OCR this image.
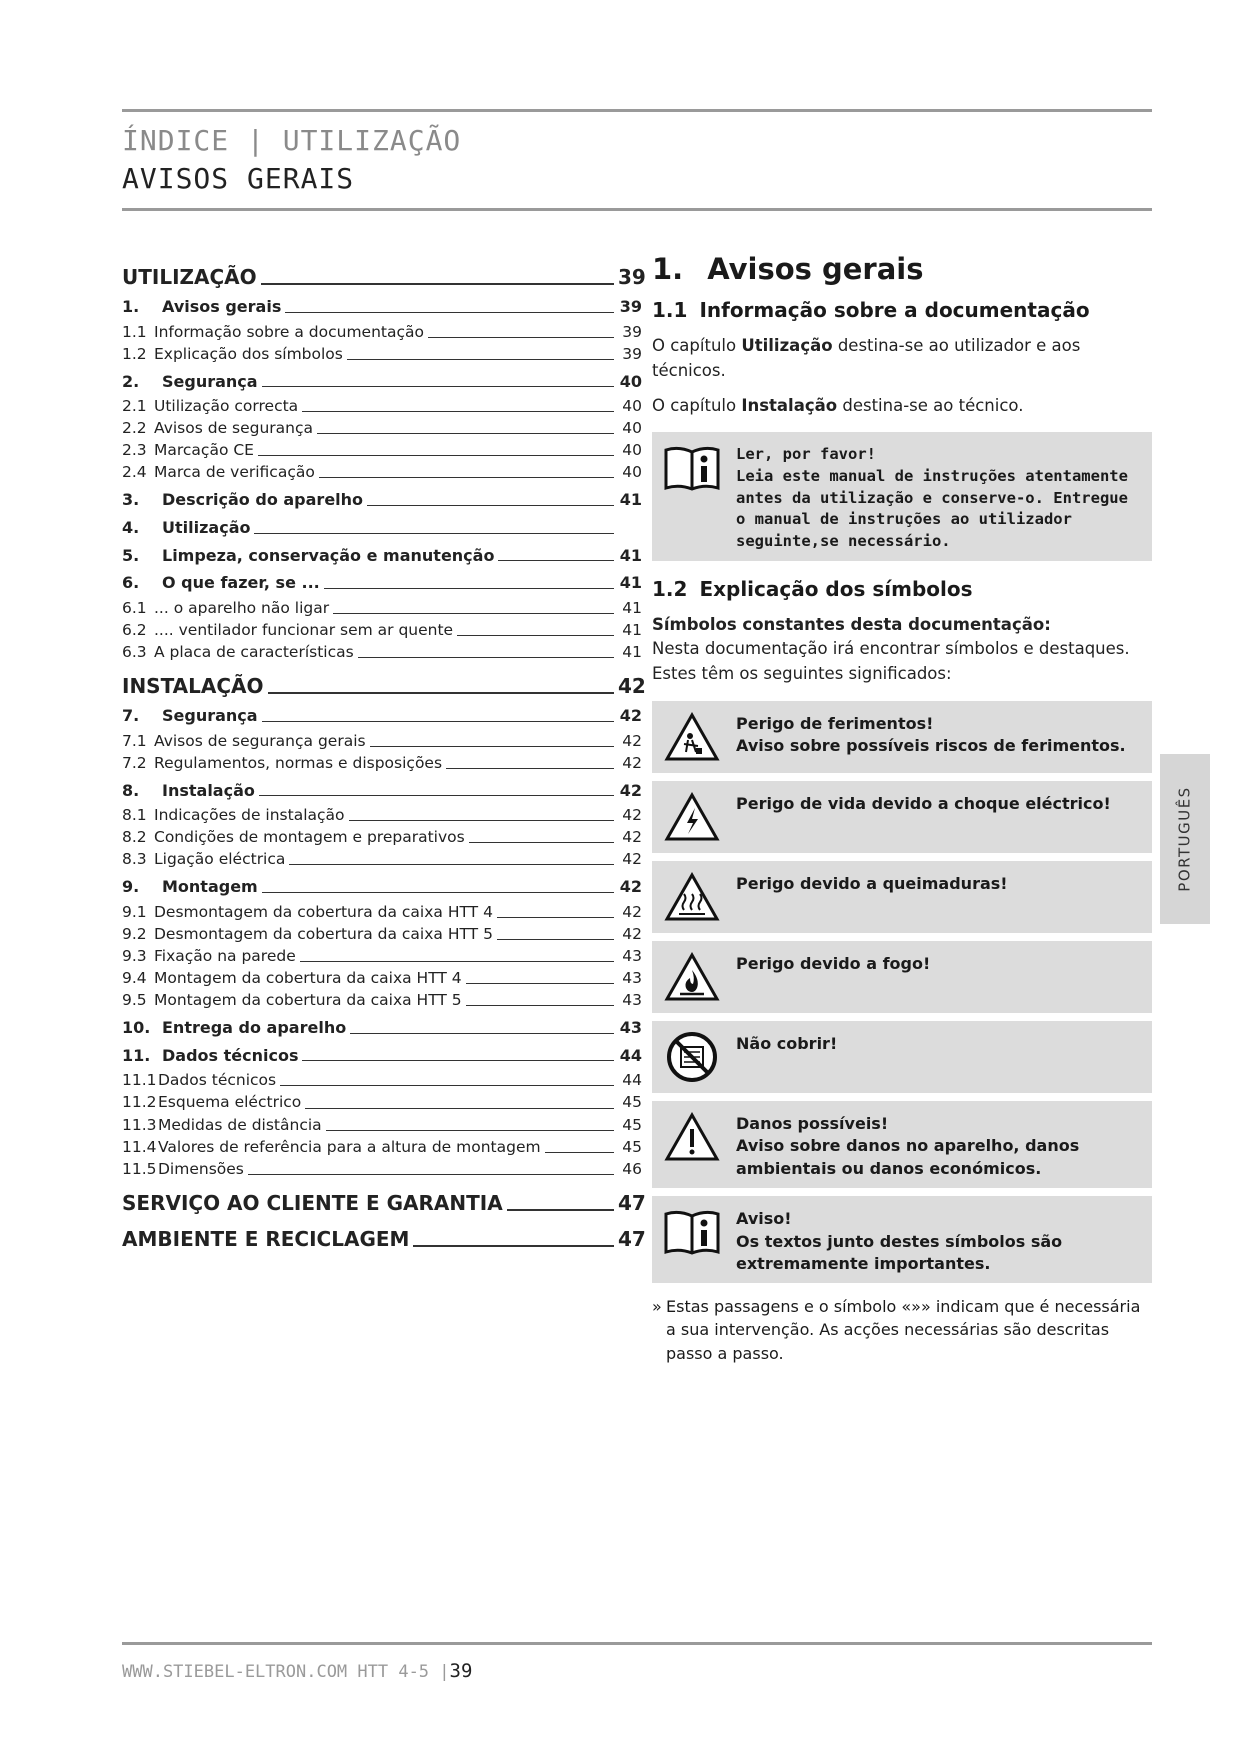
ÍNDICE | UTILIZAÇÃO
AVISOS GERAIS
UTILIZAÇÃO	39
1.	Avisos gerais	39
1.1 Informação sobre a documentação	39
1.2 Explicação dos símbolos	39
2.	Segurança	40
2.1 Utilização correcta	40
2.2 Avisos de segurança	40
2.3 Marcação CE	40
2.4 Marca de verificação	40
3.	Descrição do aparelho	41
4.	Utilização
5.	Limpeza, conservação e manutenção	41
6.	O que fazer, se ...	41
6.1 ... o aparelho não ligar	41
6.2 .... ventilador funcionar sem ar quente	41
6.3 A placa de características	41
INSTALAÇÃO	42
7.	Segurança	42
7.1 Avisos de segurança gerais	42
7.2 Regulamentos, normas e disposições	42
8.	Instalação	42
8.1 Indicações de instalação	42
8.2 Condições de montagem e preparativos	42
8.3 Ligação eléctrica	42
9.	Montagem	42
9.1 Desmontagem da cobertura da caixa HTT 4	42
9.2 Desmontagem da cobertura da caixa HTT 5	42
9.3 Fixação na parede	43
9.4 Montagem da cobertura da caixa HTT 4	43
9.5 Montagem da cobertura da caixa HTT 5	43
10. Entrega do aparelho	43
11. Dados técnicos	44
11.1 Dados técnicos	44
11.2 Esquema eléctrico	45
11.3 Medidas de distância	45
11.4 Valores de referência para a altura de montagem	45
11.5 Dimensões	46
SERVIÇO AO CLIENTE E GARANTIA	47
AMBIENTE E RECICLAGEM	47
1. Avisos gerais
1.1 Informação sobre a documentação

O capítulo Utilização destina-se ao utilizador e aos técnicos.

O capítulo Instalação destina-se ao técnico.

Ler, por favor!
Leia este manual de instruções atentamente antes da utilização e conserve-o. Entregue o manual de instruções ao utilizador seguinte,se necessário.
1.2 Explicação dos símbolos

Símbolos constantes desta documentação:

Nesta documentação irá encontrar símbolos e destaques. Estes têm os seguintes significados:

Perigo de ferimentos!
Aviso sobre possíveis riscos de ferimentos.
Perigo de vida devido a choque eléctrico!
Perigo devido a queimaduras!
Perigo devido a fogo!
Não cobrir!
Danos possíveis!
Aviso sobre danos no aparelho, danos ambientais ou danos económicos.
Aviso!
Os textos junto destes símbolos são extremamente importantes.
» Estas passagens e o símbolo «»» indicam que é necessária a sua intervenção. As acções necessárias são descritas passo a passo.
PORTUGUÊS
WWW.STIEBEL-ELTRON.COM HTT 4-5 |39
